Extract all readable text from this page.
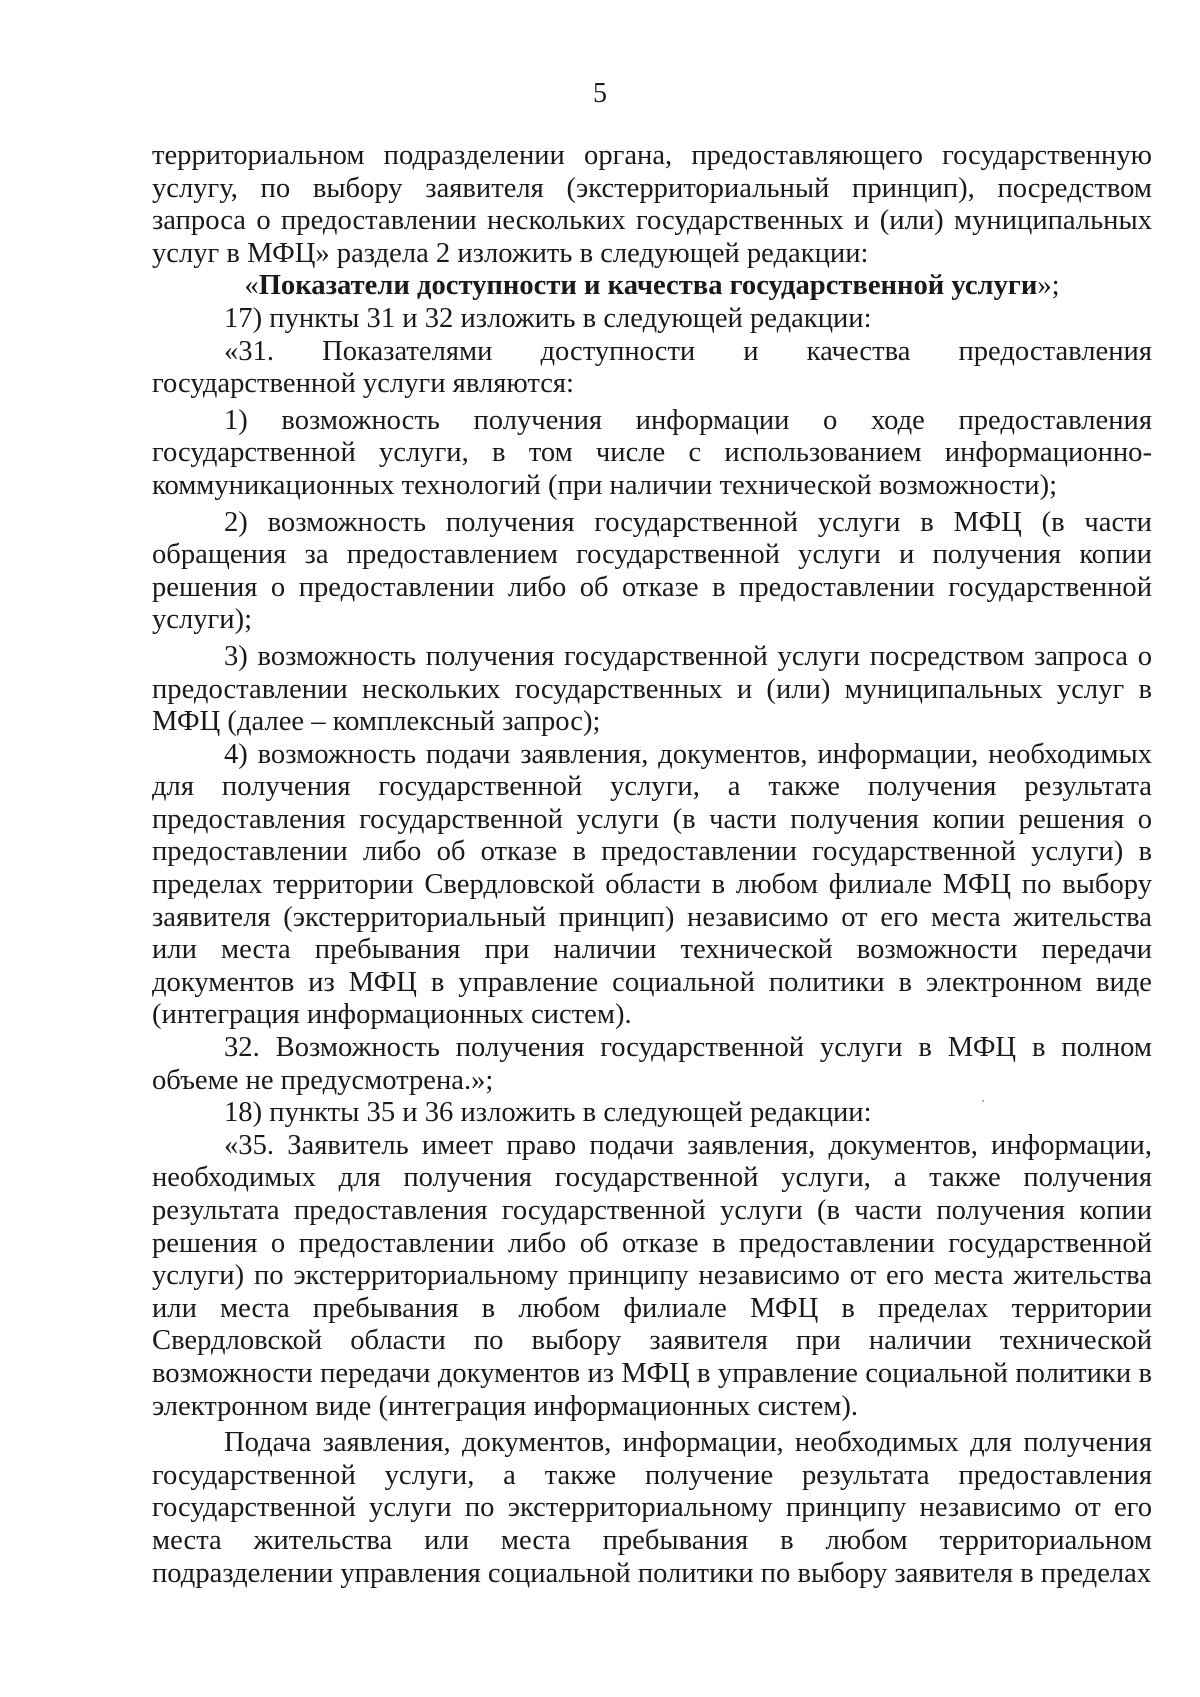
5

территориальном подразделении органа, предоставляющего государственную услугу, по выбору заявителя (экстерриториальный принцип), посредством запроса о предоставлении нескольких государственных и (или) муниципальных услуг в МФЦ» раздела 2 изложить в следующей редакции:

«Показатели доступности и качества государственной услуги»;

17) пункты 31 и 32 изложить в следующей редакции:

«31. Показателями доступности и качества предоставления государственной услуги являются:

1) возможность получения информации о ходе предоставления государственной услуги, в том числе с использованием информационно-коммуникационных технологий (при наличии технической возможности);

2) возможность получения государственной услуги в МФЦ (в части обращения за предоставлением государственной услуги и получения копии решения о предоставлении либо об отказе в предоставлении государственной услуги);

3) возможность получения государственной услуги посредством запроса о предоставлении нескольких государственных и (или) муниципальных услуг в МФЦ (далее – комплексный запрос);

4) возможность подачи заявления, документов, информации, необходимых для получения государственной услуги, а также получения результата предоставления государственной услуги (в части получения копии решения о предоставлении либо об отказе в предоставлении государственной услуги) в пределах территории Свердловской области в любом филиале МФЦ по выбору заявителя (экстерриториальный принцип) независимо от его места жительства или места пребывания при наличии технической возможности передачи документов из МФЦ в управление социальной политики в электронном виде (интеграция информационных систем).

32. Возможность получения государственной услуги в МФЦ в полном объеме не предусмотрена.»;

18) пункты 35 и 36 изложить в следующей редакции:

«35. Заявитель имеет право подачи заявления, документов, информации, необходимых для получения государственной услуги, а также получения результата предоставления государственной услуги (в части получения копии решения о предоставлении либо об отказе в предоставлении государственной услуги) по экстерриториальному принципу независимо от его места жительства или места пребывания в любом филиале МФЦ в пределах территории Свердловской области по выбору заявителя при наличии технической возможности передачи документов из МФЦ в управление социальной политики в электронном виде (интеграция информационных систем).

Подача заявления, документов, информации, необходимых для получения государственной услуги, а также получение результата предоставления государственной услуги по экстерриториальному принципу независимо от его места жительства или места пребывания в любом территориальном подразделении управления социальной политики по выбору заявителя в пределах
